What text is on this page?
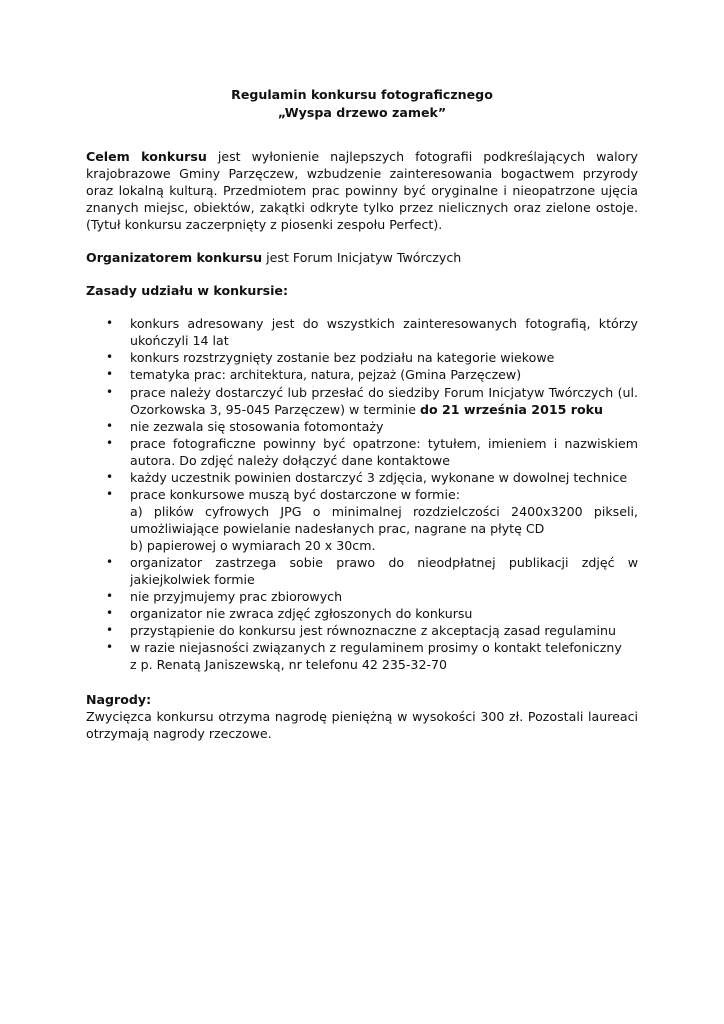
Regulamin konkursu fotograficznego
„Wyspa drzewo zamek”

Celem konkursu jest wyłonienie najlepszych fotografii podkreślających walory krajobrazowe Gminy Parzęczew, wzbudzenie zainteresowania bogactwem przyrody oraz lokalną kulturą. Przedmiotem prac powinny być oryginalne i nieopatrzone ujęcia znanych miejsc, obiektów, zakątki odkryte tylko przez nielicznych oraz zielone ostoje. (Tytuł konkursu zaczerpnięty z piosenki zespołu Perfect).

Organizatorem konkursu jest Forum Inicjatyw Twórczych

Zasady udziału w konkursie:

• konkurs adresowany jest do wszystkich zainteresowanych fotografią, którzy ukończyli 14 lat
• konkurs rozstrzygnięty zostanie bez podziału na kategorie wiekowe
• tematyka prac: architektura, natura, pejzaż (Gmina Parzęczew)
• prace należy dostarczyć lub przesłać do siedziby Forum Inicjatyw Twórczych (ul. Ozorkowska 3, 95-045 Parzęczew) w terminie do 21 września 2015 roku
• nie zezwala się stosowania fotomontaży
• prace fotograficzne powinny być opatrzone: tytułem, imieniem i nazwiskiem autora. Do zdjęć należy dołączyć dane kontaktowe
• każdy uczestnik powinien dostarczyć 3 zdjęcia, wykonane w dowolnej technice
• prace konkursowe muszą być dostarczone w formie:
a) plików cyfrowych JPG o minimalnej rozdzielczości 2400x3200 pikseli, umożliwiające powielanie nadesłanych prac, nagrane na płytę CD
b) papierowej o wymiarach 20 x 30cm.
• organizator zastrzega sobie prawo do nieodpłatnej publikacji zdjęć w jakiejkolwiek formie
• nie przyjmujemy prac zbiorowych
• organizator nie zwraca zdjęć zgłoszonych do konkursu
• przystąpienie do konkursu jest równoznaczne z akceptacją zasad regulaminu
• w razie niejasności związanych z regulaminem prosimy o kontakt telefoniczny
z p. Renatą Janiszewską, nr telefonu 42 235-32-70

Nagrody:

Zwycięzca konkursu otrzyma nagrodę pieniężną w wysokości 300 zł. Pozostali laureaci otrzymają nagrody rzeczowe.
